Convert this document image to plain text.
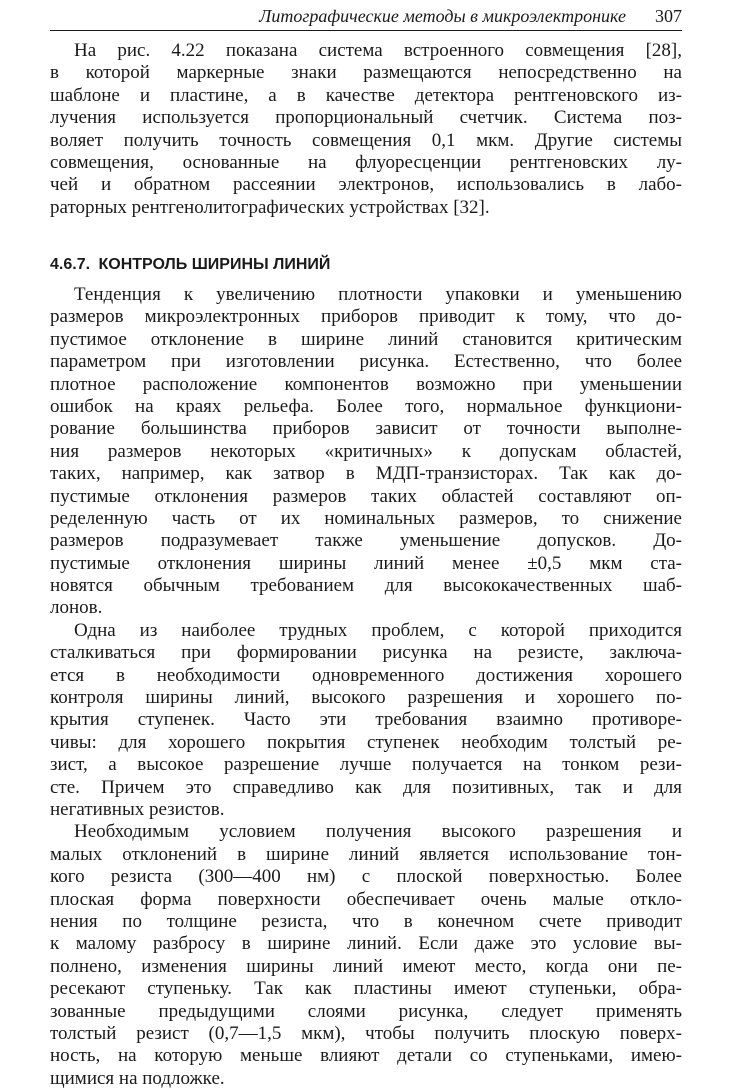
Литографические методы в микроэлектронике 307
На рис. 4.22 показана система встроенного совмещения [28],
в которой маркерные знаки размещаются непосредственно на
шаблоне и пластине, а в качестве детектора рентгеновского из-
лучения используется пропорциональный счетчик. Система поз-
воляет получить точность совмещения 0,1 мкм. Другие системы
совмещения, основанные на флуоресценции рентгеновских лу-
чей и обратном рассеянии электронов, использовались в лабо-
раторных рентгенолитографических устройствах [32].
4.6.7. КОНТРОЛЬ ШИРИНЫ ЛИНИЙ
Тенденция к увеличению плотности упаковки и уменьшению
размеров микроэлектронных приборов приводит к тому, что до-
пустимое отклонение в ширине линий становится критическим
параметром при изготовлении рисунка. Естественно, что более
плотное расположение компонентов возможно при уменьшении
ошибок на краях рельефа. Более того, нормальное функциони-
рование большинства приборов зависит от точности выполне-
ния размеров некоторых «критичных» к допускам областей,
таких, например, как затвор в МДП-транзисторах. Так как до-
пустимые отклонения размеров таких областей составляют оп-
ределенную часть от их номинальных размеров, то снижение
размеров подразумевает также уменьшение допусков. До-
пустимые отклонения ширины линий менее ±0,5 мкм ста-
новятся обычным требованием для высококачественных шаб-
лонов.
Одна из наиболее трудных проблем, с которой приходится
сталкиваться при формировании рисунка на резисте, заключа-
ется в необходимости одновременного достижения хорошего
контроля ширины линий, высокого разрешения и хорошего по-
крытия ступенек. Часто эти требования взаимно противоре-
чивы: для хорошего покрытия ступенек необходим толстый ре-
зист, а высокое разрешение лучше получается на тонком рези-
сте. Причем это справедливо как для позитивных, так и для
негативных резистов.
Необходимым условием получения высокого разрешения и
малых отклонений в ширине линий является использование тон-
кого резиста (300—400 нм) с плоской поверхностью. Более
плоская форма поверхности обеспечивает очень малые откло-
нения по толщине резиста, что в конечном счете приводит
к малому разбросу в ширине линий. Если даже это условие вы-
полнено, изменения ширины линий имеют место, когда они пе-
ресекают ступеньку. Так как пластины имеют ступеньки, обра-
зованные предыдущими слоями рисунка, следует применять
толстый резист (0,7—1,5 мкм), чтобы получить плоскую поверх-
ность, на которую меньше влияют детали со ступеньками, имею-
щимися на подложке.
